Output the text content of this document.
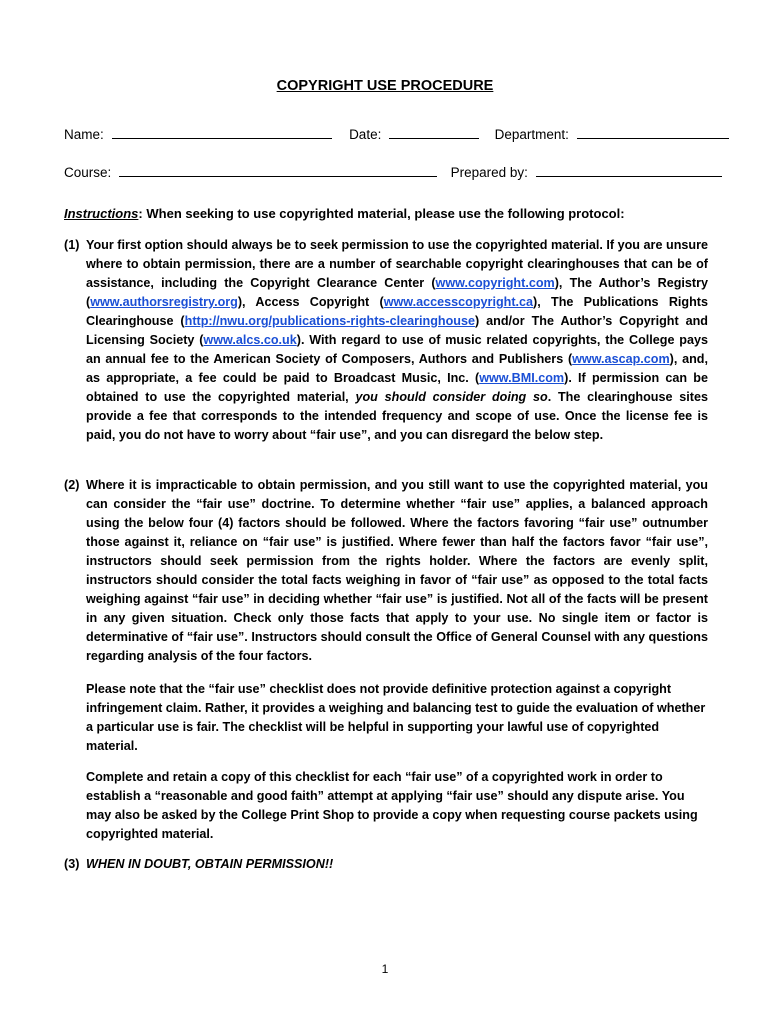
COPYRIGHT USE PROCEDURE
Name:	Date:	Department:
Course:	Prepared by:
Instructions: When seeking to use copyrighted material, please use the following protocol:
(1) Your first option should always be to seek permission to use the copyrighted material. If you are unsure where to obtain permission, there are a number of searchable copyright clearinghouses that can be of assistance, including the Copyright Clearance Center (www.copyright.com), The Author’s Registry (www.authorsregistry.org), Access Copyright (www.accesscopyright.ca), The Publications Rights Clearinghouse (http://nwu.org/publications-rights-clearinghouse) and/or The Author’s Copyright and Licensing Society (www.alcs.co.uk). With regard to use of music related copyrights, the College pays an annual fee to the American Society of Composers, Authors and Publishers (www.ascap.com), and, as appropriate, a fee could be paid to Broadcast Music, Inc. (www.BMI.com). If permission can be obtained to use the copyrighted material, you should consider doing so. The clearinghouse sites provide a fee that corresponds to the intended frequency and scope of use. Once the license fee is paid, you do not have to worry about “fair use”, and you can disregard the below step.
(2) Where it is impracticable to obtain permission, and you still want to use the copyrighted material, you can consider the “fair use” doctrine. To determine whether “fair use” applies, a balanced approach using the below four (4) factors should be followed. Where the factors favoring “fair use” outnumber those against it, reliance on “fair use” is justified. Where fewer than half the factors favor “fair use”, instructors should seek permission from the rights holder. Where the factors are evenly split, instructors should consider the total facts weighing in favor of “fair use” as opposed to the total facts weighing against “fair use” in deciding whether “fair use” is justified. Not all of the facts will be present in any given situation. Check only those facts that apply to your use. No single item or factor is determinative of “fair use”. Instructors should consult the Office of General Counsel with any questions regarding analysis of the four factors.
Please note that the “fair use” checklist does not provide definitive protection against a copyright infringement claim. Rather, it provides a weighing and balancing test to guide the evaluation of whether a particular use is fair. The checklist will be helpful in supporting your lawful use of copyrighted material.
Complete and retain a copy of this checklist for each “fair use” of a copyrighted work in order to establish a “reasonable and good faith” attempt at applying “fair use” should any dispute arise. You may also be asked by the College Print Shop to provide a copy when requesting course packets using copyrighted material.
(3) WHEN IN DOUBT, OBTAIN PERMISSION!!
1
